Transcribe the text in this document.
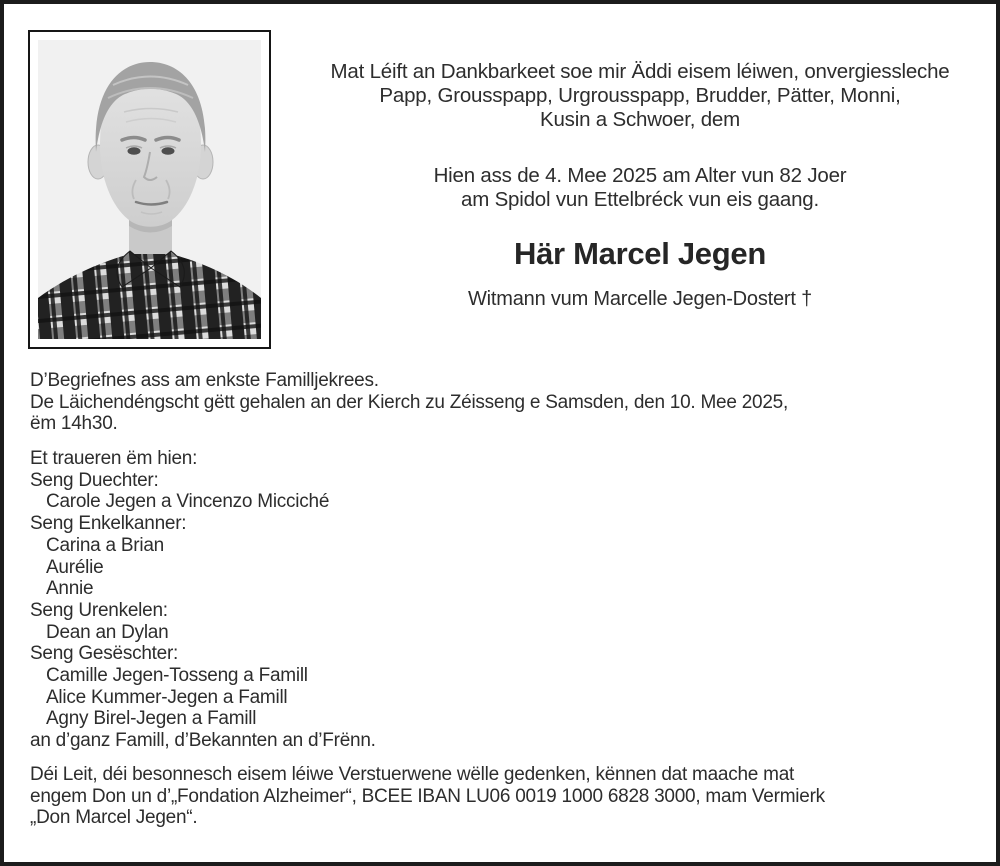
Mat Léift an Dankbarkeet soe mir Äddi eisem léiwen, onvergiessleche
Papp, Grousspapp, Urgrousspapp, Brudder, Pätter, Monni,
Kusin a Schwoer, dem
Hien ass de 4. Mee 2025 am Alter vun 82 Joer
am Spidol vun Ettelbréck vun eis gaang.
Här Marcel Jegen
Witmann vum Marcelle Jegen-Dostert †
D’Begriefnes ass am enkste Familljekrees.
De Läichendéngscht gëtt gehalen an der Kierch zu Zéisseng e Samsden, den 10. Mee 2025,
ëm 14h30.
Et traueren ëm hien:
Seng Duechter:
Carole Jegen a Vincenzo Micciché
Seng Enkelkanner:
Carina a Brian
Aurélie
Annie
Seng Urenkelen:
Dean an Dylan
Seng Gesëschter:
Camille Jegen-Tosseng a Famill
Alice Kummer-Jegen a Famill
Agny Birel-Jegen a Famill
an d’ganz Famill, d’Bekannten an d’Frënn.
Déi Leit, déi besonnesch eisem léiwe Verstuerwene wëlle gedenken, kënnen dat maache mat
engem Don un d’„Fondation Alzheimer“, BCEE IBAN LU06 0019 1000 6828 3000, mam Vermierk
„Don Marcel Jegen“.
